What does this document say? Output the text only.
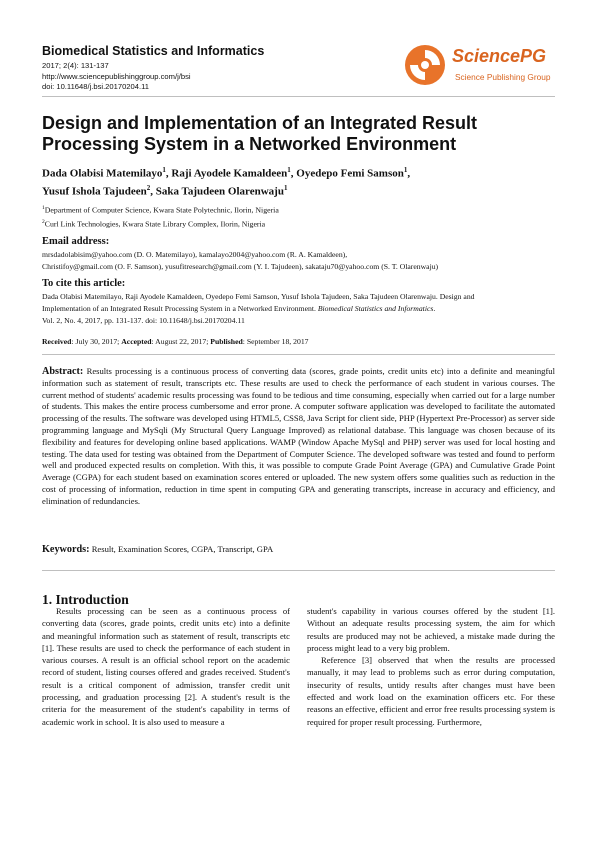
Biomedical Statistics and Informatics
2017; 2(4): 131-137
http://www.sciencepublishinggroup.com/j/bsi
doi: 10.11648/j.bsi.20170204.11
SciencePG
Science Publishing Group
Design and Implementation of an Integrated Result
Processing System in a Networked Environment
Dada Olabisi Matemilayo$^1$, Raji Ayodele Kamaldeen$^1$, Oyedepo Femi Samson$^1$,
Yusuf Ishola Tajudeen$^2$, Saka Tajudeen Olarenwaju$^1$
$^1$Department of Computer Science, Kwara State Polytechnic, Ilorin, Nigeria
$^2$Curl Link Technologies, Kwara State Library Complex, Ilorin, Nigeria
Email address:
mrsdadolabisim@yahoo.com (D. O. Matemilayo), kamalayo2004@yahoo.com (R. A. Kamaldeen),
Christifoy@gmail.com (O. F. Samson), yusufitresearch@gmail.com (Y. I. Tajudeen), sakataju70@yahoo.com (S. T. Olarenwaju)
To cite this article:
Dada Olabisi Matemilayo, Raji Ayodele Kamaldeen, Oyedepo Femi Samson, Yusuf Ishola Tajudeen, Saka Tajudeen Olarenwaju. Design and
Implementation of an Integrated Result Processing System in a Networked Environment. Biomedical Statistics and Informatics.
Vol. 2, No. 4, 2017, pp. 131-137. doi: 10.11648/j.bsi.20170204.11
Received: July 30, 2017; Accepted: August 22, 2017; Published: September 18, 2017
Abstract: Results processing is a continuous process of converting data (scores, grade points, credit units etc) into a definite and meaningful information such as statement of result, transcripts etc. These results are used to check the performance of each student in various courses. The current method of students' academic results processing was found to be tedious and time consuming, especially when carried out for a large number of students. This makes the entire process cumbersome and error prone. A computer software application was developed to facilitate the automated processing of the results. The software was developed using HTML5, CSS8, Java Script for client side, PHP (Hypertext Pre-Processor) as server side programming language and MySqli (My Structural Query Language Improved) as relational database. This language was chosen because of its flexibility and features for developing online based applications. WAMP (Window Apache MySql and PHP) server was used for local hosting and testing. The data used for testing was obtained from the Department of Computer Science. The developed software was tested and found to perform well and produced expected results on completion. With this, it was possible to compute Grade Point Average (GPA) and Cumulative Grade Point Average (CGPA) for each student based on examination scores entered or uploaded. The new system offers some qualities such as reduction in the cost of processing of information, reduction in time spent in computing GPA and generating transcripts, increase in accuracy and efficiency, and elimination of redundancies.
Keywords: Result, Examination Scores, CGPA, Transcript, GPA
1. Introduction

Results processing can be seen as a continuous process of converting data (scores, grade points, credit units etc) into a definite and meaningful information such as statement of result, transcripts etc [1]. These results are used to check the performance of each student in various courses. A result is an official school report on the academic record of student, listing courses offered and grades received. Student's result is a critical component of admission, transfer credit unit processing, and graduation processing [2]. A student's result is the criteria for the measurement of the student's capability in terms of academic work in school. It is also used to measure a

student's capability in various courses offered by the student [1]. Without an adequate results processing system, the aim for which results are produced may not be achieved, a mistake made during the process might lead to a very big problem.

Reference [3] observed that when the results are processed manually, it may lead to problems such as error during computation, insecurity of results, untidy results after changes must have been effected and work load on the examination officers etc. For these reasons an effective, efficient and error free results processing system is required for proper result processing. Furthermore,
